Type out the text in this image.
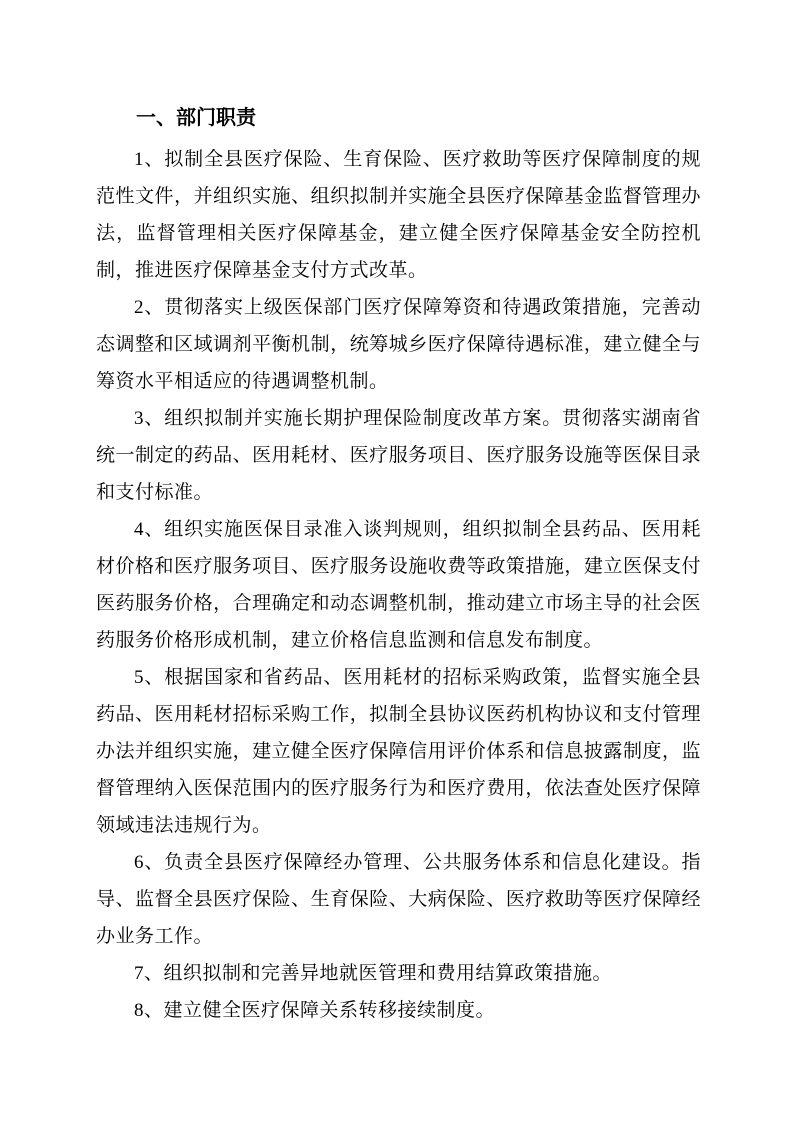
一、部门职责

1、拟制全县医疗保险、生育保险、医疗救助等医疗保障制度的规范性文件，并组织实施、组织拟制并实施全县医疗保障基金监督管理办法，监督管理相关医疗保障基金，建立健全医疗保障基金安全防控机制，推进医疗保障基金支付方式改革。

2、贯彻落实上级医保部门医疗保障筹资和待遇政策措施，完善动态调整和区域调剂平衡机制，统筹城乡医疗保障待遇标准，建立健全与筹资水平相适应的待遇调整机制。

3、组织拟制并实施长期护理保险制度改革方案。贯彻落实湖南省统一制定的药品、医用耗材、医疗服务项目、医疗服务设施等医保目录和支付标准。

4、组织实施医保目录准入谈判规则，组织拟制全县药品、医用耗材价格和医疗服务项目、医疗服务设施收费等政策措施，建立医保支付医药服务价格，合理确定和动态调整机制，推动建立市场主导的社会医药服务价格形成机制，建立价格信息监测和信息发布制度。

5、根据国家和省药品、医用耗材的招标采购政策，监督实施全县药品、医用耗材招标采购工作，拟制全县协议医药机构协议和支付管理办法并组织实施，建立健全医疗保障信用评价体系和信息披露制度，监督管理纳入医保范围内的医疗服务行为和医疗费用，依法查处医疗保障领域违法违规行为。

6、负责全县医疗保障经办管理、公共服务体系和信息化建设。指导、监督全县医疗保险、生育保险、大病保险、医疗救助等医疗保障经办业务工作。

7、组织拟制和完善异地就医管理和费用结算政策措施。

8、建立健全医疗保障关系转移接续制度。
